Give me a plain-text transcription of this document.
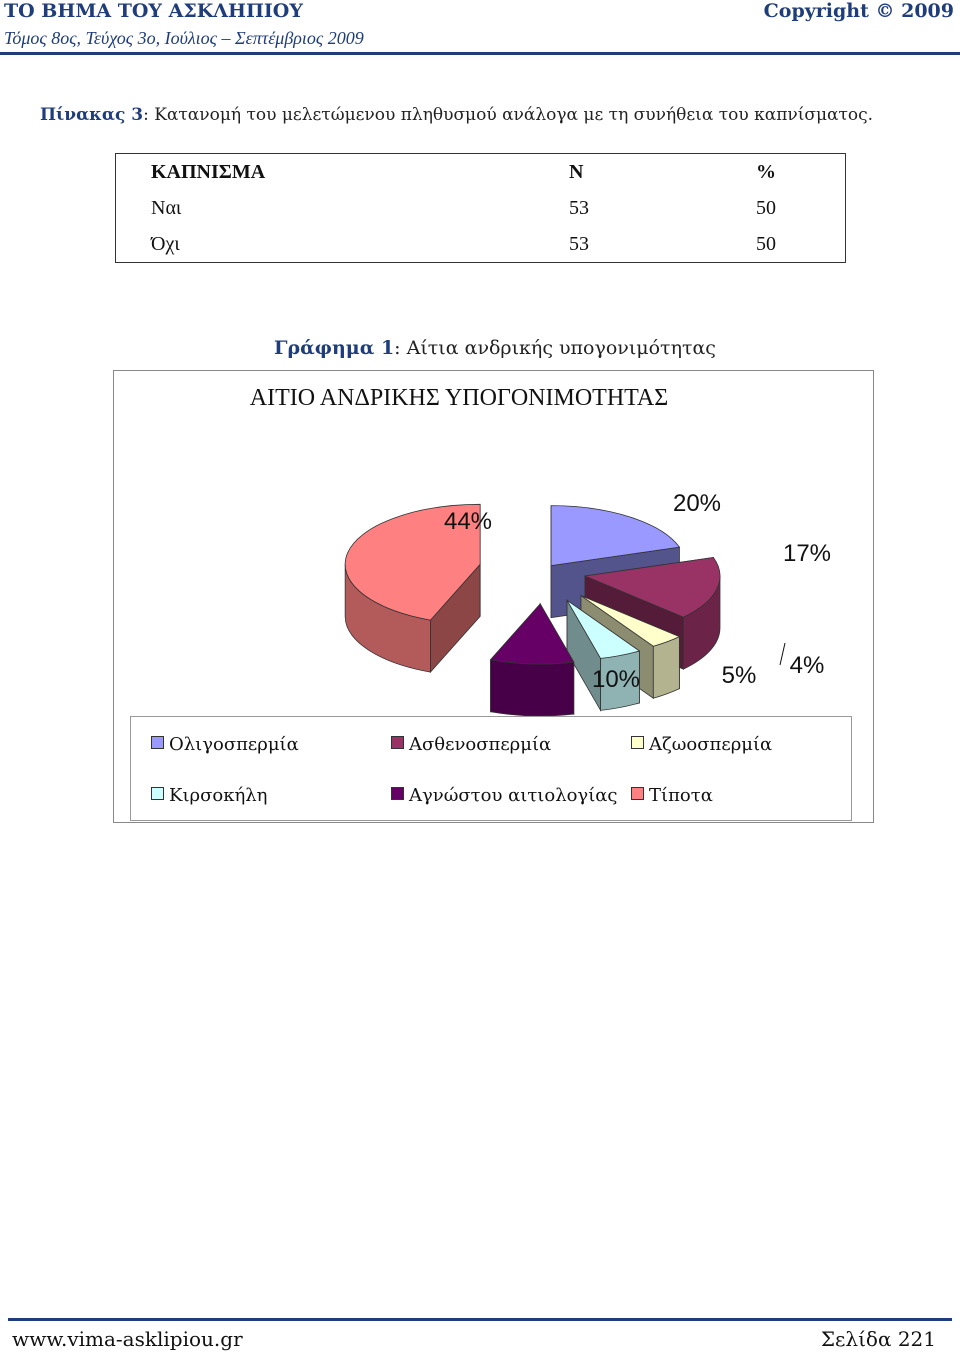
ΤΟ ΒΗΜΑ ΤΟΥ ΑΣΚΛΗΠΙΟΥ	Copyright © 2009
Τόμος 8ος, Τεύχος 3ο, Ιούλιος – Σεπτέμβριος 2009
Πίνακας 3: Κατανομή του μελετώμενου πληθυσμού ανάλογα με τη συνήθεια του καπνίσματος.
ΚΑΠΝΙΣΜΑ	Ν	%
Ναι	53	50
Όχι	53	50
Γράφημα 1: Αίτια ανδρικής υπογονιμότητας
ΑΙΤΙΟ ΑΝΔΡΙΚΗΣ ΥΠΟΓΟΝΙΜΟΤΗΤΑΣ
20%
17%
4%
5%
10%
44%
Ολιγοσπερμία	Ασθενοσπερμία	Αζωοσπερμία
Κιρσοκήλη	Αγνώστου αιτιολογίας	Τίποτα
www.vima-asklipiou.gr	Σελίδα 221
